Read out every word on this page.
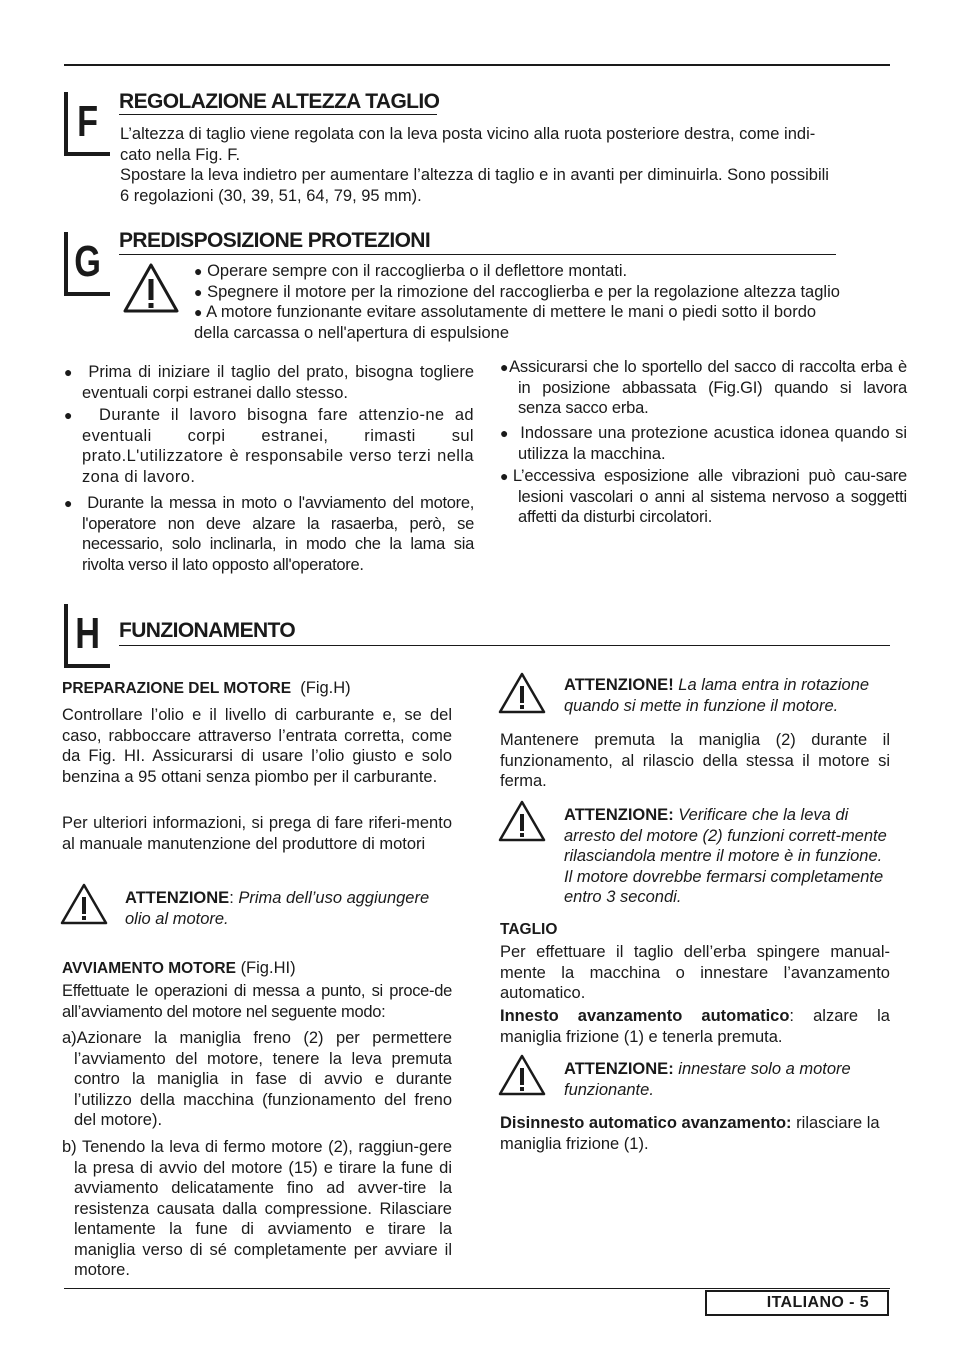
F REGOLAZIONE ALTEZZA TAGLIO
L’altezza di taglio viene regolata con la leva posta vicino alla ruota posteriore destra, come indi-
cato nella Fig. F.
Spostare la leva indietro per aumentare l’altezza di taglio e in avanti per diminuirla. Sono possibili
6 regolazioni (30, 39, 51, 64, 79, 95 mm).
G PREDISPOSIZIONE PROTEZIONI
● Operare sempre con il raccoglierba o il deflettore montati.
● Spegnere il motore per la rimozione del raccoglierba e per la regolazione altezza taglio
● A motore funzionante evitare assolutamente di mettere le mani o piedi sotto il bordo
della carcassa o nell'apertura di espulsione
● Prima di iniziare il taglio del prato, bisogna togliere eventuali corpi estranei dallo stesso.
● Durante il lavoro bisogna fare attenzio-ne ad eventuali corpi estranei, rimasti sul prato.L'utilizzatore è responsabile verso terzi nella zona di lavoro.
● Durante la messa in moto o l'avviamento del motore, l'operatore non deve alzare la rasaerba, però, se necessario, solo inclinarla, in modo che la lama sia rivolta verso il lato opposto all'operatore.
●Assicurarsi che lo sportello del sacco di raccolta erba è in posizione abbassata (Fig.GI) quando si lavora senza sacco erba.
● Indossare una protezione acustica idonea quando si utilizza la macchina.
●L’eccessiva esposizione alle vibrazioni può cau-sare lesioni vascolari o anni al sistema nervoso a soggetti affetti da disturbi circolatori.
H FUNZIONAMENTO
PREPARAZIONE DEL MOTORE (Fig.H)
Controllare l’olio e il livello di carburante e, se del caso, rabboccare attraverso l’entrata corretta, come da Fig. HI. Assicurarsi di usare l’olio giusto e solo benzina a 95 ottani senza piombo per il carburante.
Per ulteriori informazioni, si prega di fare riferi-mento al manuale manutenzione del produttore di motori
ATTENZIONE: Prima dell’uso aggiungere olio al motore.
AVVIAMENTO MOTORE (Fig.HI)
Effettuate le operazioni di messa a punto, si proce-de all’avviamento del motore nel seguente modo:
a)Azionare la maniglia freno (2) per permettere l’avviamento del motore, tenere la leva premuta contro la maniglia in fase di avvio e durante l’utilizzo della macchina (funzionamento del freno del motore).
b) Tenendo la leva di fermo motore (2), raggiun-gere la presa di avvio del motore (15) e tirare la fune di avviamento delicatamente fino ad avver-tire la resistenza causata dalla compressione. Rilasciare lentamente la fune di avviamento e tirare la maniglia verso di sé completamente per avviare il motore.
ATTENZIONE! La lama entra in rotazione quando si mette in funzione il motore.
Mantenere premuta la maniglia (2) durante il funzionamento, al rilascio della stessa il motore si ferma.
ATTENZIONE: Verificare che la leva di arresto del motore (2) funzioni corrett-mente rilasciandola mentre il motore è in funzione. Il motore dovrebbe fermarsi completamente entro 3 secondi.
TAGLIO
Per effettuare il taglio dell’erba spingere manual-mente la macchina o innestare l’avanzamento automatico.
Innesto avanzamento automatico: alzare la maniglia frizione (1) e tenerla premuta.
ATTENZIONE: innestare solo a motore funzionante.
Disinnesto automatico avanzamento: rilasciare la maniglia frizione (1).
ITALIANO - 5
